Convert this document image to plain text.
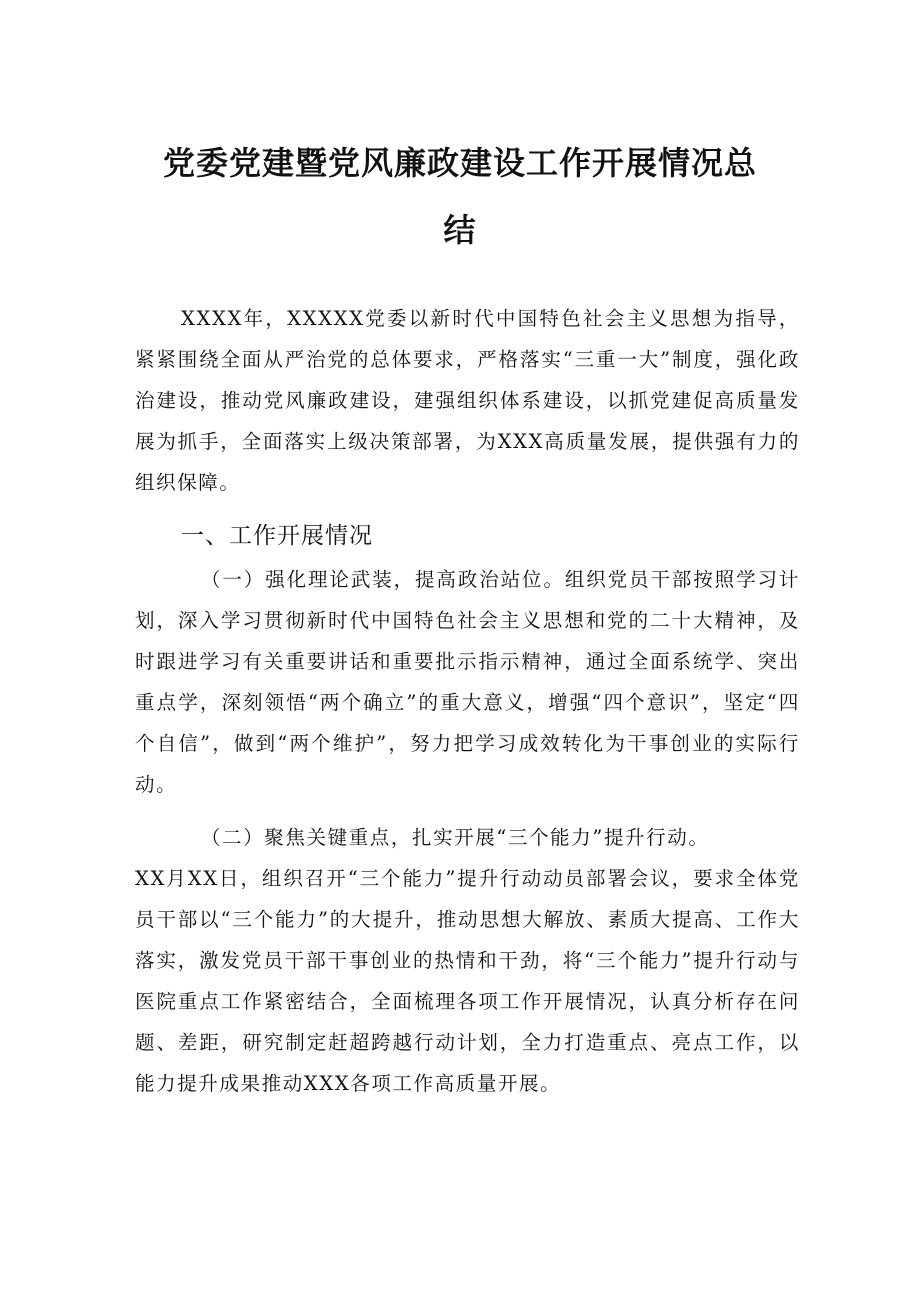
党委党建暨党风廉政建设工作开展情况总
结
XXXX年，XXXXX党委以新时代中国特色社会主义思想为指导，紧紧围绕全面从严治党的总体要求，严格落实“三重一大”制度，强化政治建设，推动党风廉政建设，建强组织体系建设，以抓党建促高质量发展为抓手，全面落实上级决策部署，为XXX高质量发展，提供强有力的组织保障。
一、工作开展情况
（一）强化理论武装，提高政治站位。组织党员干部按照学习计划，深入学习贯彻新时代中国特色社会主义思想和党的二十大精神，及时跟进学习有关重要讲话和重要批示指示精神，通过全面系统学、突出重点学，深刻领悟“两个确立”的重大意义，增强“四个意识”，坚定“四个自信”，做到“两个维护”，努力把学习成效转化为干事创业的实际行动。
（二）聚焦关键重点，扎实开展“三个能力”提升行动。
XX月XX日，组织召开“三个能力”提升行动动员部署会议，要求全体党员干部以“三个能力”的大提升，推动思想大解放、素质大提高、工作大落实，激发党员干部干事创业的热情和干劲，将“三个能力”提升行动与医院重点工作紧密结合，全面梳理各项工作开展情况，认真分析存在问题、差距，研究制定赶超跨越行动计划，全力打造重点、亮点工作，以能力提升成果推动XXX各项工作高质量开展。
